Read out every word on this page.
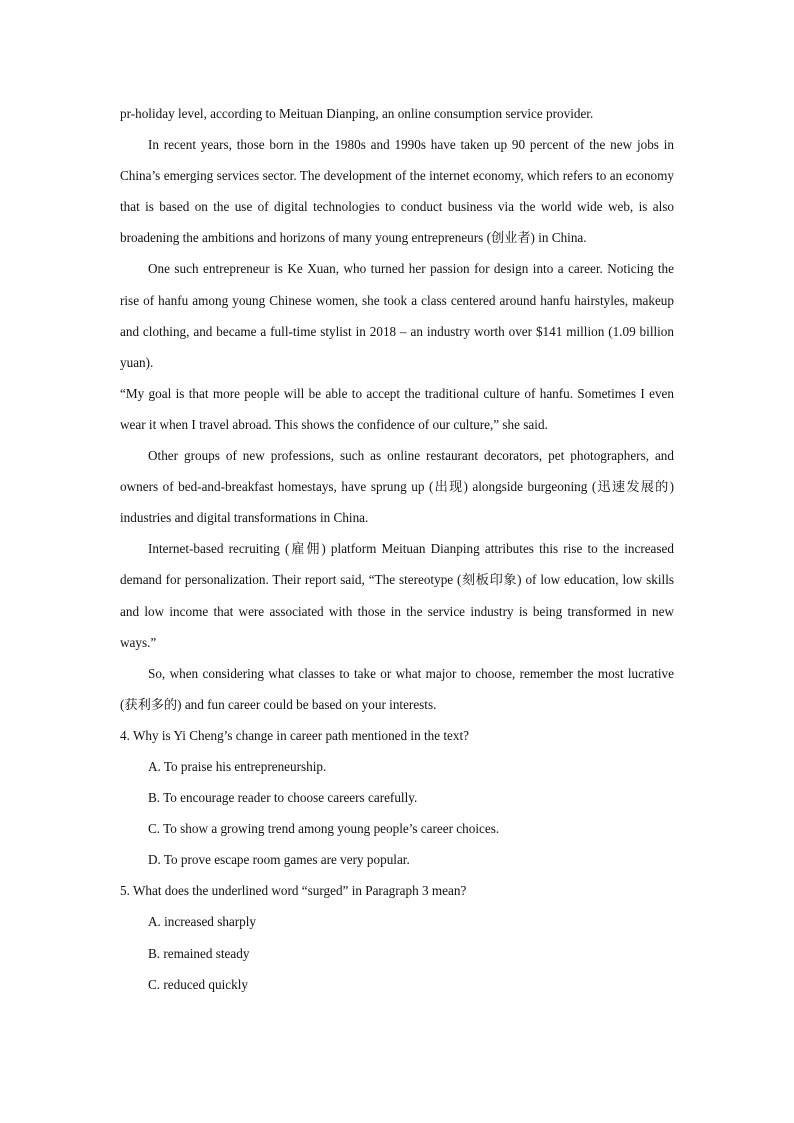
pr-holiday level, according to Meituan Dianping, an online consumption service provider.

In recent years, those born in the 1980s and 1990s have taken up 90 percent of the new jobs in China’s emerging services sector. The development of the internet economy, which refers to an economy that is based on the use of digital technologies to conduct business via the world wide web, is also broadening the ambitions and horizons of many young entrepreneurs (创业者) in China.

One such entrepreneur is Ke Xuan, who turned her passion for design into a career. Noticing the rise of hanfu among young Chinese women, she took a class centered around hanfu hairstyles, makeup and clothing, and became a full-time stylist in 2018 – an industry worth over $141 million (1.09 billion yuan).

“My goal is that more people will be able to accept the traditional culture of hanfu. Sometimes I even wear it when I travel abroad. This shows the confidence of our culture,” she said.

Other groups of new professions, such as online restaurant decorators, pet photographers, and owners of bed-and-breakfast homestays, have sprung up (出现) alongside burgeoning (迅速发展的) industries and digital transformations in China.

Internet-based recruiting (雇佣) platform Meituan Dianping attributes this rise to the increased demand for personalization. Their report said, “The stereotype (刻板印象) of low education, low skills and low income that were associated with those in the service industry is being transformed in new ways.”

So, when considering what classes to take or what major to choose, remember the most lucrative (获利多的) and fun career could be based on your interests.

4. Why is Yi Cheng’s change in career path mentioned in the text?

A. To praise his entrepreneurship.

B. To encourage reader to choose careers carefully.

C. To show a growing trend among young people’s career choices.

D. To prove escape room games are very popular.

5. What does the underlined word “surged” in Paragraph 3 mean?

A. increased sharply

B. remained steady

C. reduced quickly
